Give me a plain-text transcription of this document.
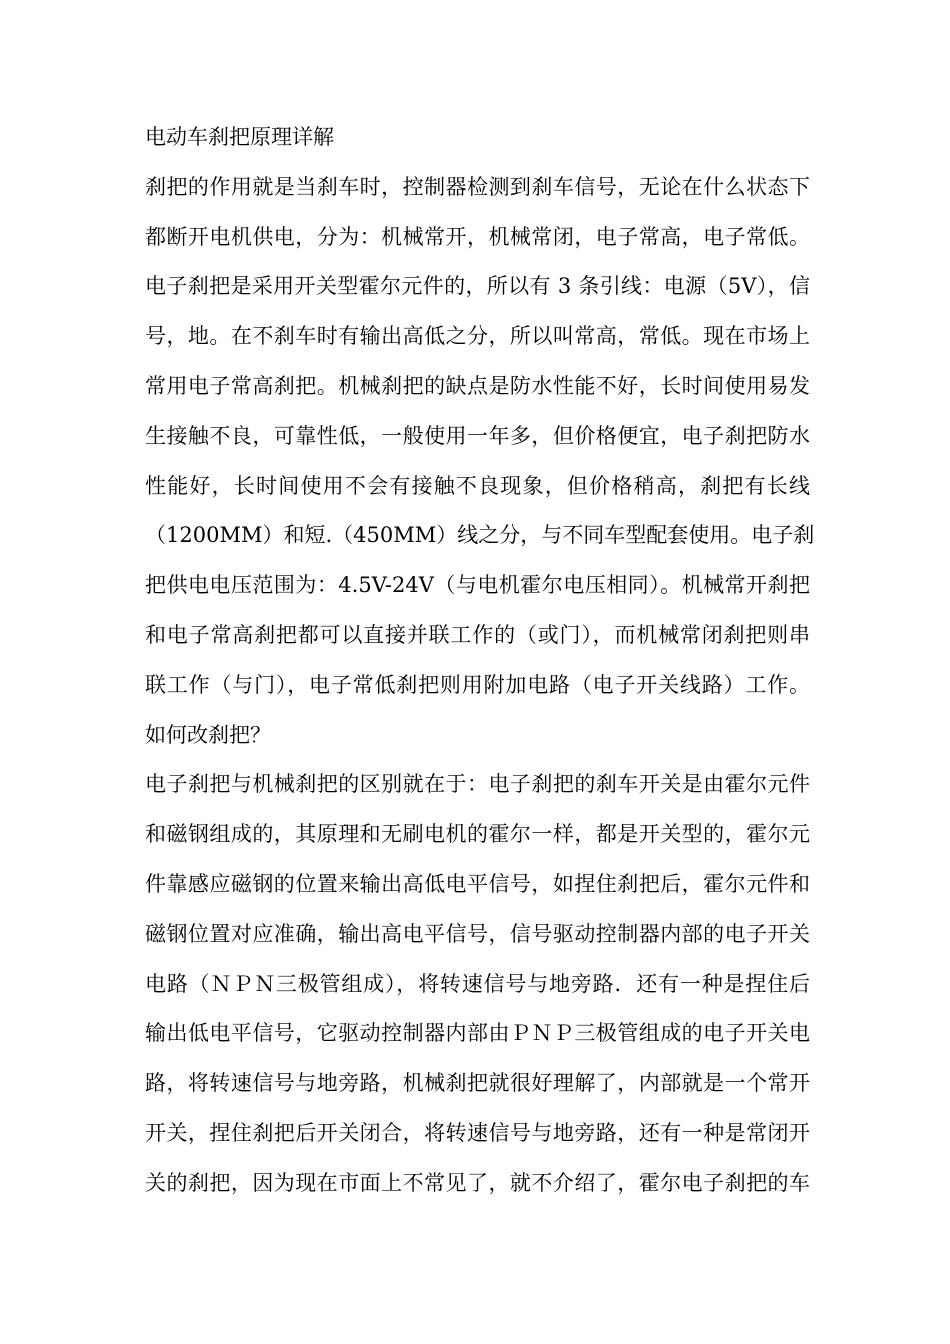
电动车刹把原理详解
刹把的作用就是当刹车时，控制器检测到刹车信号，无论在什么状态下
都断开电机供电，分为：机械常开，机械常闭，电子常高，电子常低。
电子刹把是采用开关型霍尔元件的，所以有 3 条引线：电源（5V），信
号，地。在不刹车时有输出高低之分，所以叫常高，常低。现在市场上
常用电子常高刹把。机械刹把的缺点是防水性能不好，长时间使用易发
生接触不良，可靠性低，一般使用一年多，但价格便宜，电子刹把防水
性能好，长时间使用不会有接触不良现象，但价格稍高，刹把有长线
（1200MM）和短.（450MM）线之分，与不同车型配套使用。电子刹
把供电电压范围为：4.5V-24V（与电机霍尔电压相同）。机械常开刹把
和电子常高刹把都可以直接并联工作的（或门），而机械常闭刹把则串
联工作（与门），电子常低刹把则用附加电路（电子开关线路）工作。
如何改刹把？
电子刹把与机械刹把的区别就在于：电子刹把的刹车开关是由霍尔元件
和磁钢组成的，其原理和无刷电机的霍尔一样，都是开关型的，霍尔元
件靠感应磁钢的位置来输出高低电平信号，如捏住刹把后，霍尔元件和
磁钢位置对应准确，输出高电平信号，信号驱动控制器内部的电子开关
电路（ＮＰＮ三极管组成），将转速信号与地旁路．还有一种是捏住后
输出低电平信号，它驱动控制器内部由ＰＮＰ三极管组成的电子开关电
路，将转速信号与地旁路，机械刹把就很好理解了，内部就是一个常开
开关，捏住刹把后开关闭合，将转速信号与地旁路，还有一种是常闭开
关的刹把，因为现在市面上不常见了，就不介绍了，霍尔电子刹把的车
